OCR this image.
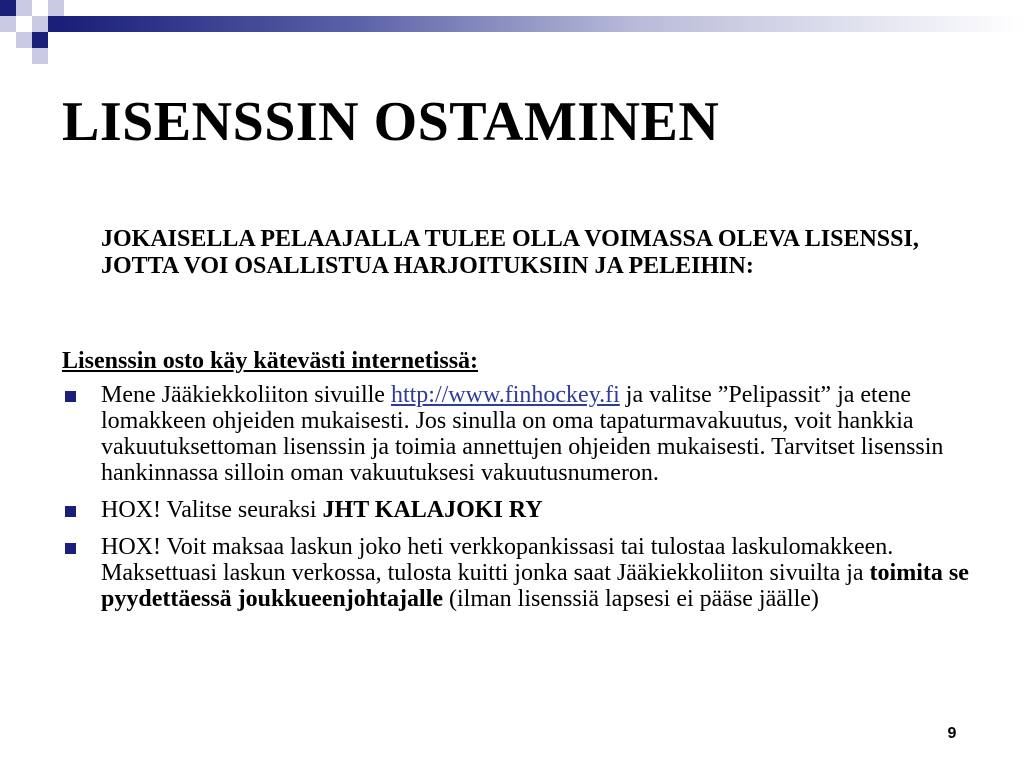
LISENSSIN OSTAMINEN

JOKAISELLA PELAAJALLA TULEE OLLA VOIMASSA OLEVA LISENSSI, JOTTA VOI OSALLISTUA HARJOITUKSIIN JA PELEIHIN:

Lisenssin osto käy kätevästi internetissä:

Mene Jääkiekkoliiton sivuille http://www.finhockey.fi ja valitse ”Pelipassit” ja etene lomakkeen ohjeiden mukaisesti. Jos sinulla on oma tapaturmavakuutus, voit hankkia vakuutuksettoman lisenssin ja toimia annettujen ohjeiden mukaisesti. Tarvitset lisenssin hankinnassa silloin oman vakuutuksesi vakuutusnumeron.
HOX! Valitse seuraksi JHT KALAJOKI RY
HOX! Voit maksaa laskun joko heti verkkopankissasi tai tulostaa laskulomakkeen. Maksettuasi laskun verkossa, tulosta kuitti jonka saat Jääkiekkoliiton sivuilta ja toimita se pyydettäessä joukkueenjohtajalle (ilman lisenssiä lapsesi ei pääse jäälle)
9
